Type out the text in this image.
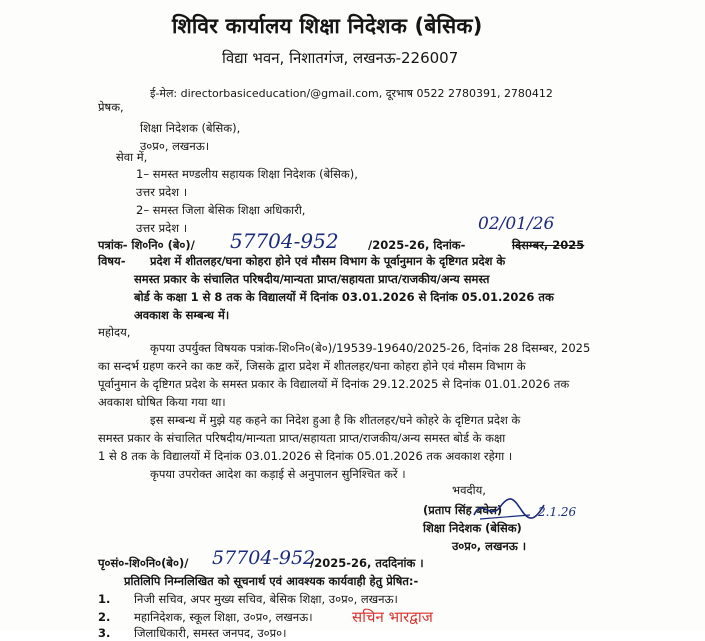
शिविर कार्यालय शिक्षा निदेशक (बेसिक)
विद्या भवन, निशातगंज, लखनऊ-226007
ई-मेल: directorbasiceducation/@gmail.com, दूरभाष 0522 2780391, 2780412
प्रेषक,
शिक्षा निदेशक (बेसिक),
उ०प्र०, लखनऊ।
सेवा में,
1– समस्त मण्डलीय सहायक शिक्षा निदेशक (बेसिक),
उत्तर प्रदेश ।
2– समस्त जिला बेसिक शिक्षा अधिकारी,
उत्तर प्रदेश ।
पत्रांक- शि०नि० (बे०)/ 57704-952	/2025-26, दिनांक-
02/01/26
दिसम्बर, 2025
विषय- प्रदेश में शीतलहर/घना कोहरा होने एवं मौसम विभाग के पूर्वानुमान के दृष्टिगत प्रदेश के
समस्त प्रकार के संचालित परिषदीय/मान्यता प्राप्त/सहायता प्राप्त/राजकीय/अन्य समस्त
बोर्ड के कक्षा 1 से 8 तक के विद्यालयों में दिनांक 03.01.2026 से दिनांक 05.01.2026 तक
अवकाश के सम्बन्ध में।
महोदय,
कृपया उपर्युक्त विषयक पत्रांक-शि०नि०(बे०)/19539-19640/2025-26, दिनांक 28 दिसम्बर, 2025
का सन्दर्भ ग्रहण करने का कष्ट करें, जिसके द्वारा प्रदेश में शीतलहर/घना कोहरा होने एवं मौसम विभाग के
पूर्वानुमान के दृष्टिगत प्रदेश के समस्त प्रकार के विद्यालयों में दिनांक 29.12.2025 से दिनांक 01.01.2026 तक
अवकाश घोषित किया गया था।
इस सम्बन्ध में मुझे यह कहने का निदेश हुआ है कि शीतलहर/घने कोहरे के दृष्टिगत प्रदेश के
समस्त प्रकार के संचालित परिषदीय/मान्यता प्राप्त/सहायता प्राप्त/राजकीय/अन्य समस्त बोर्ड के कक्षा
1 से 8 तक के विद्यालयों में दिनांक 03.01.2026 से दिनांक 05.01.2026 तक अवकाश रहेगा ।
कृपया उपरोक्त आदेश का कड़ाई से अनुपालन सुनिश्चित करें ।
भवदीय,
(प्रताप सिंह बघेल)	2.1.26
शिक्षा निदेशक (बेसिक)
उ०प्र०, लखनऊ ।
पृ०सं०-शि०नि०(बे०)/ 57704-952
/2025-26, तददिनांक ।
प्रतिलिपि निम्नलिखित को सूचनार्थ एवं आवश्यक कार्यवाही हेतु प्रेषित:-
1. निजी सचिव, अपर मुख्य सचिव, बेसिक शिक्षा, उ०प्र०, लखनऊ।
2. महानिदेशक, स्कूल शिक्षा, उ०प्र०, लखनऊ।
3. जिलाधिकारी, समस्त जनपद, उ०प्र०।
सचिन भारद्वाज
